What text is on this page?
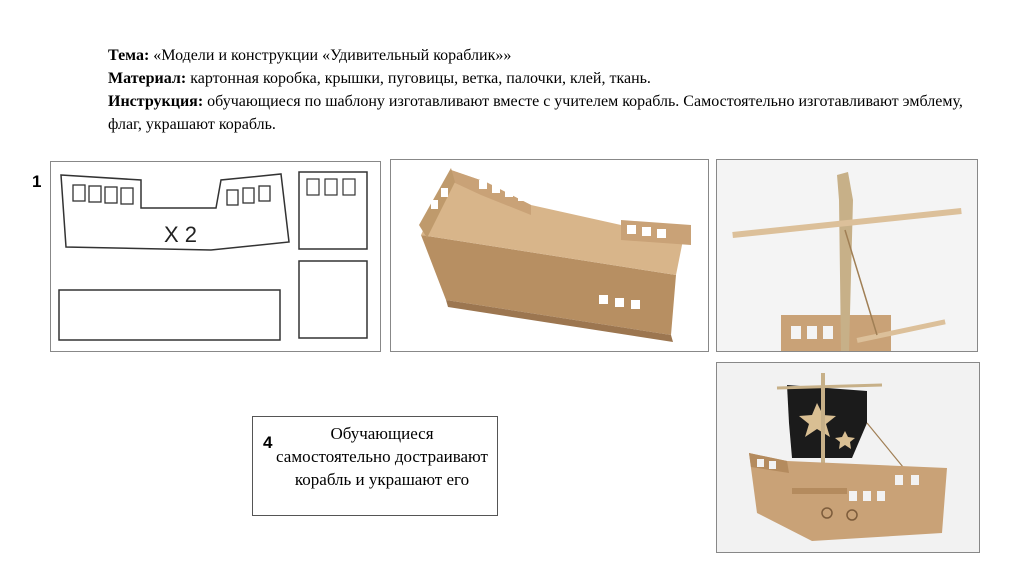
Тема: «Модели и конструкции «Удивительный кораблик»»
Материал: картонная коробка, крышки, пуговицы, ветка, палочки, клей, ткань.
Инструкция: обучающиеся по шаблону изготавливают вместе с учителем корабль. Самостоятельно изготавливают эмблему, флаг, украшают корабль.
1
X 2
4	Обучающиеся самостоятельно достраивают корабль и украшают его
